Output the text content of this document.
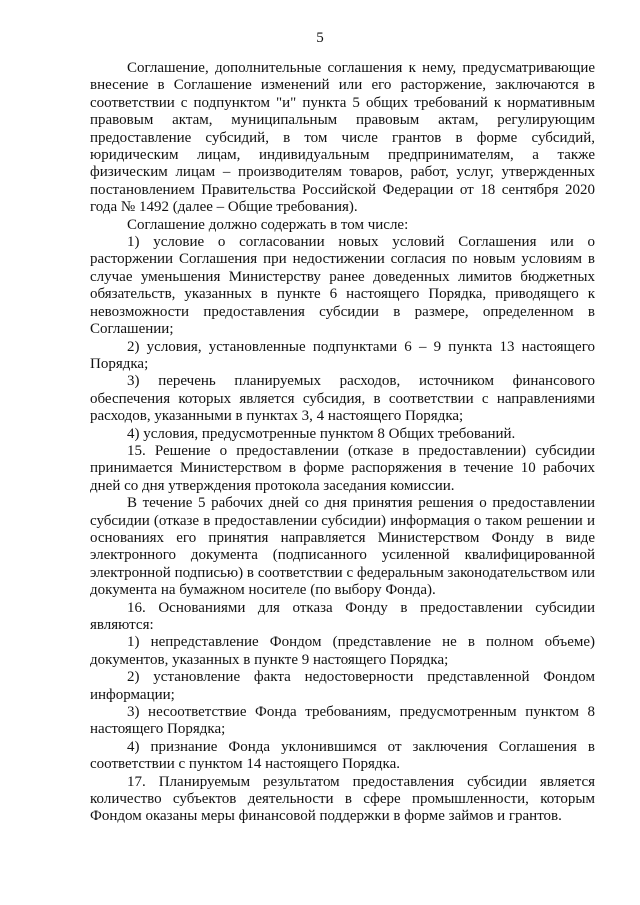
5

Соглашение, дополнительные соглашения к нему, предусматривающие внесение в Соглашение изменений или его расторжение, заключаются в соответствии с подпунктом "и" пункта 5 общих требований к нормативным правовым актам, муниципальным правовым актам, регулирующим предоставление субсидий, в том числе грантов в форме субсидий, юридическим лицам, индивидуальным предпринимателям, а также физическим лицам – производителям товаров, работ, услуг, утвержденных постановлением Правительства Российской Федерации от 18 сентября 2020 года № 1492 (далее – Общие требования).

Соглашение должно содержать в том числе:

1) условие о согласовании новых условий Соглашения или о расторжении Соглашения при недостижении согласия по новым условиям в случае уменьшения Министерству ранее доведенных лимитов бюджетных обязательств, указанных в пункте 6 настоящего Порядка, приводящего к невозможности предоставления субсидии в размере, определенном в Соглашении;

2) условия, установленные подпунктами 6 – 9 пункта 13 настоящего Порядка;

3) перечень планируемых расходов, источником финансового обеспечения которых является субсидия, в соответствии с направлениями расходов, указанными в пунктах 3, 4 настоящего Порядка;

4) условия, предусмотренные пунктом 8 Общих требований.

15. Решение о предоставлении (отказе в предоставлении) субсидии принимается Министерством в форме распоряжения в течение 10 рабочих дней со дня утверждения протокола заседания комиссии.

В течение 5 рабочих дней со дня принятия решения о предоставлении субсидии (отказе в предоставлении субсидии) информация о таком решении и основаниях его принятия направляется Министерством Фонду в виде электронного документа (подписанного усиленной квалифицированной электронной подписью) в соответствии с федеральным законодательством или документа на бумажном носителе (по выбору Фонда).

16. Основаниями для отказа Фонду в предоставлении субсидии являются:

1) непредставление Фондом (представление не в полном объеме) документов, указанных в пункте 9 настоящего Порядка;

2) установление факта недостоверности представленной Фондом информации;

3) несоответствие Фонда требованиям, предусмотренным пунктом 8 настоящего Порядка;

4) признание Фонда уклонившимся от заключения Соглашения в соответствии с пунктом 14 настоящего Порядка.

17. Планируемым результатом предоставления субсидии является количество субъектов деятельности в сфере промышленности, которым Фондом оказаны меры финансовой поддержки в форме займов и грантов.
